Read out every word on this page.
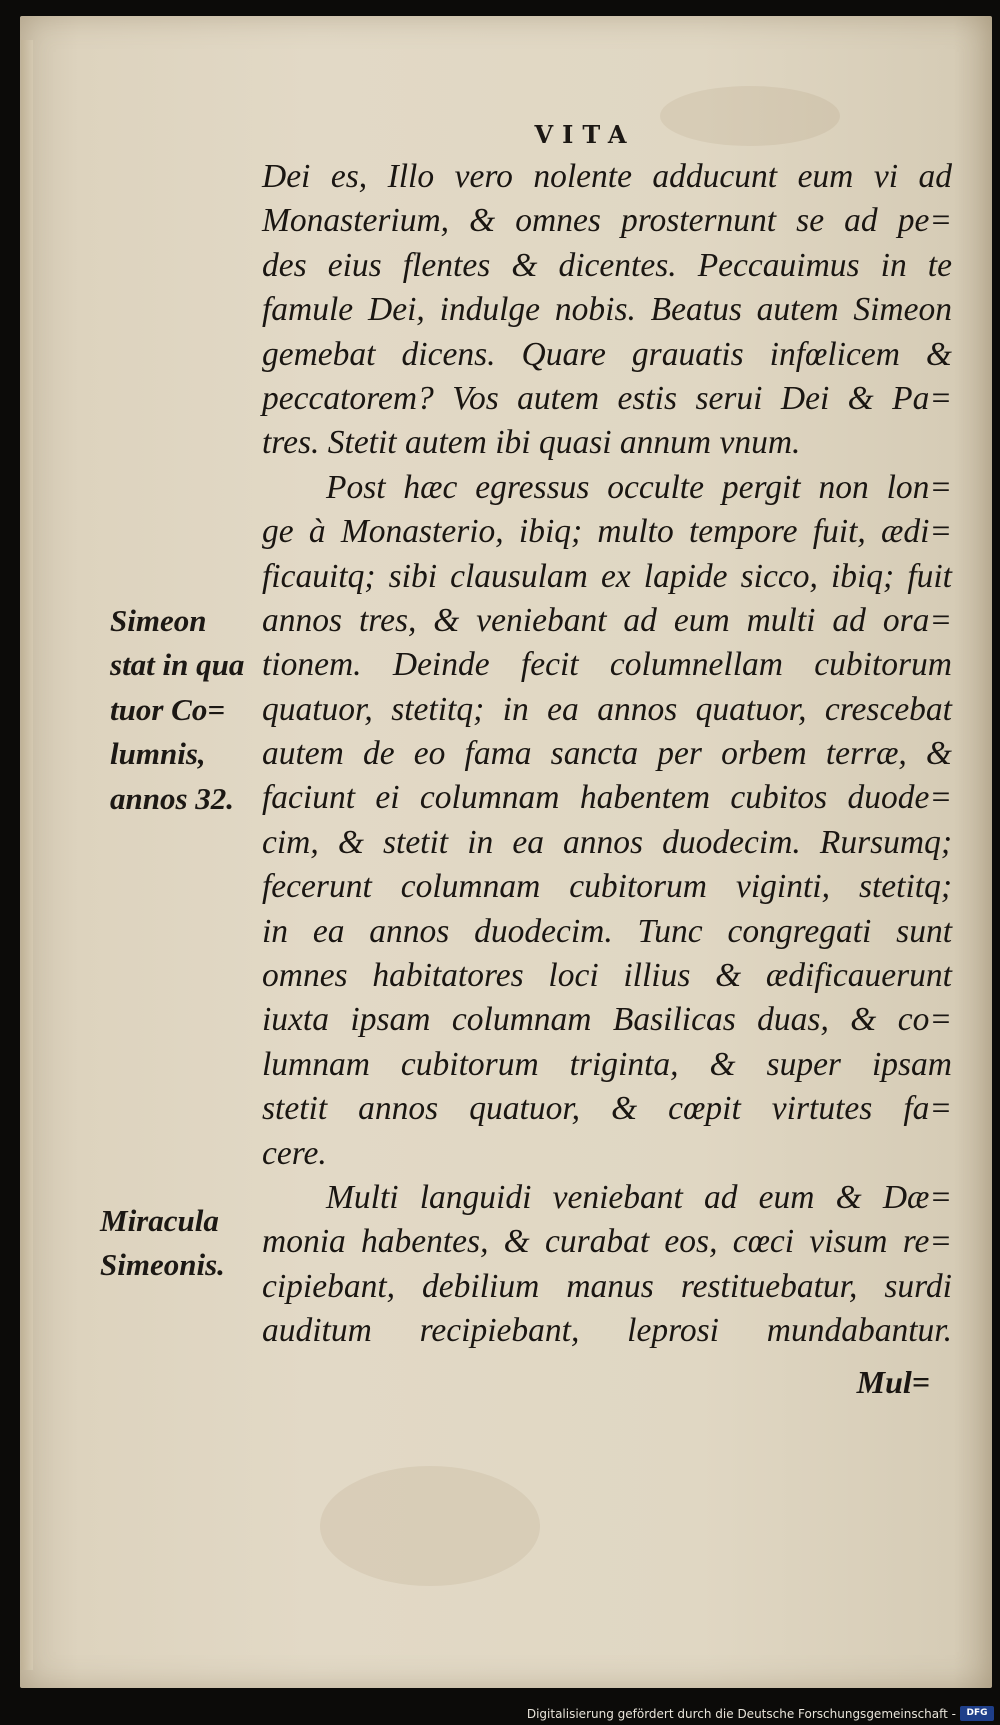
VITA
Dei es, Illo vero nolente adducunt eum vi ad
Monasterium, & omnes prosternunt se ad pe=
des eius flentes & dicentes. Peccauimus in te
famule Dei, indulge nobis. Beatus autem Simeon
gemebat dicens. Quare grauatis infœlicem &
peccatorem? Vos autem estis serui Dei & Pa=
tres. Stetit autem ibi quasi annum vnum.
Post hæc egressus occulte pergit non lon=
ge à Monasterio, ibiq; multo tempore fuit, ædi=
ficauitq; sibi clausulam ex lapide sicco, ibiq; fuit
annos tres, & veniebant ad eum multi ad ora=
tionem. Deinde fecit columnellam cubitorum
quatuor, stetitq; in ea annos quatuor, crescebat
autem de eo fama sancta per orbem terræ, &
faciunt ei columnam habentem cubitos duode=
cim, & stetit in ea annos duodecim. Rursumq;
fecerunt columnam cubitorum viginti, stetitq;
in ea annos duodecim. Tunc congregati sunt
omnes habitatores loci illius & ædificauerunt
iuxta ipsam columnam Basilicas duas, & co=
lumnam cubitorum triginta, & super ipsam
stetit annos quatuor, & cœpit virtutes fa=
cere.
Multi languidi veniebant ad eum & Dæ=
monia habentes, & curabat eos, cœci visum re=
cipiebant, debilium manus restituebatur, surdi
auditum recipiebant, leprosi mundabantur.
Mul=
Simeon
stat in qua
tuor Co=
lumnis,
annos 32.
Miracula
Simeonis.
Digitalisierung gefördert durch die Deutsche Forschungsgemeinschaft -	DFG
